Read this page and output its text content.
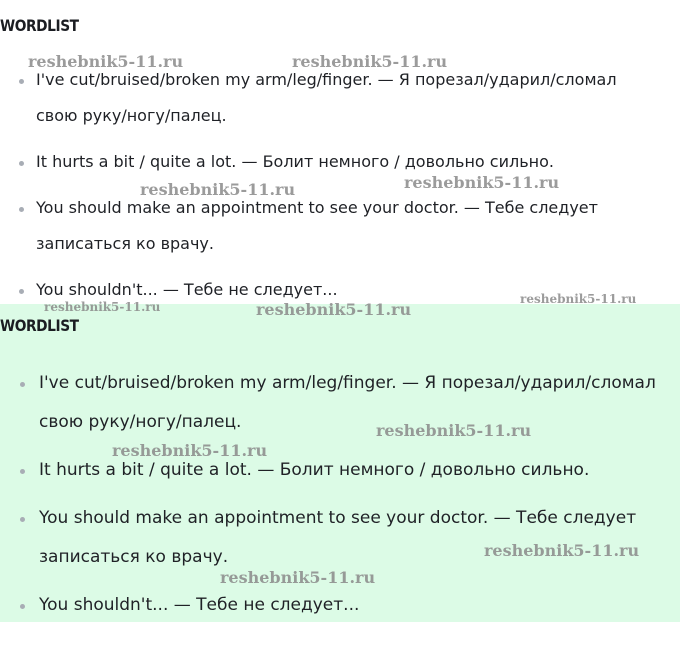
WORDLIST
I've cut/bruised/broken my arm/leg/finger. — Я порезал/ударил/сломал свою руку/ногу/палец.
It hurts a bit / quite a lot. — Болит немного / довольно сильно.
You should make an appointment to see your doctor. — Тебе следует записаться ко врачу.
You shouldn't... — Тебе не следует...
WORDLIST
I've cut/bruised/broken my arm/leg/finger. — Я порезал/ударил/сломал свою руку/ногу/палец.
It hurts a bit / quite a lot. — Болит немного / довольно сильно.
You should make an appointment to see your doctor. — Тебе следует записаться ко врачу.
You shouldn't... — Тебе не следует...
reshebnik5-11.ru	reshebnik5-11.ru
reshebnik5-11.ru	reshebnik5-11.ru
reshebnik5-11.ru	reshebnik5-11.ru
reshebnik5-11.ru
reshebnik5-11.ru
reshebnik5-11.ru
reshebnik5-11.ru
reshebnik5-11.ru
